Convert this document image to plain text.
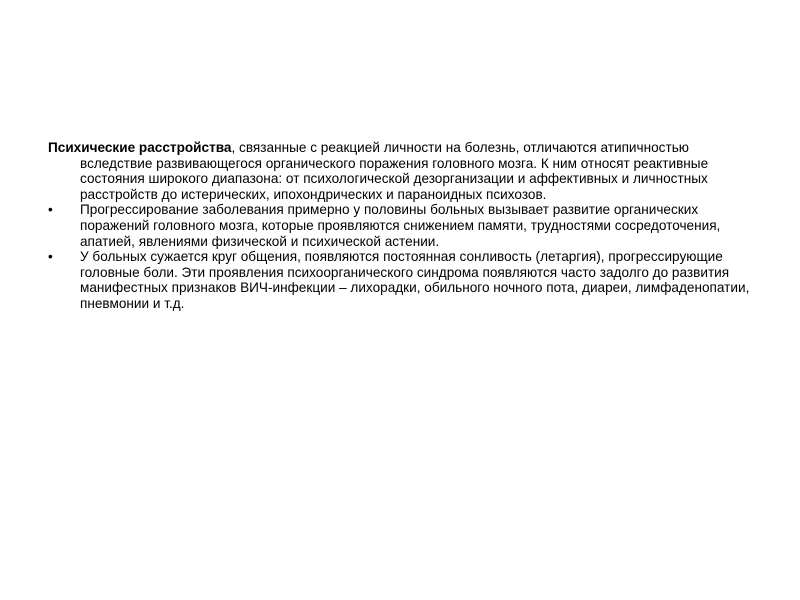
Психические расстройства, связанные с реакцией личности на болезнь, отличаются атипичностью вследствие развивающегося органического поражения головного мозга. К ним относят реактивные состояния широкого диапазона: от психологической дезорганизации и аффективных и личностных расстройств до истерических, ипохондрических и параноидных психозов.

•	Прогрессирование заболевания примерно у половины больных вызывает развитие органических поражений головного мозга, которые проявляются снижением памяти, трудностями сосредоточения, апатией, явлениями физической и психической астении.
•	У больных сужается круг общения, появляются постоянная сонливость (летаргия), прогрессирующие головные боли. Эти проявления психоорганического синдрома появляются часто задолго до развития манифестных признаков ВИЧ-инфекции – лихорадки, обильного ночного пота, диареи, лимфаденопатии, пневмонии и т.д.
